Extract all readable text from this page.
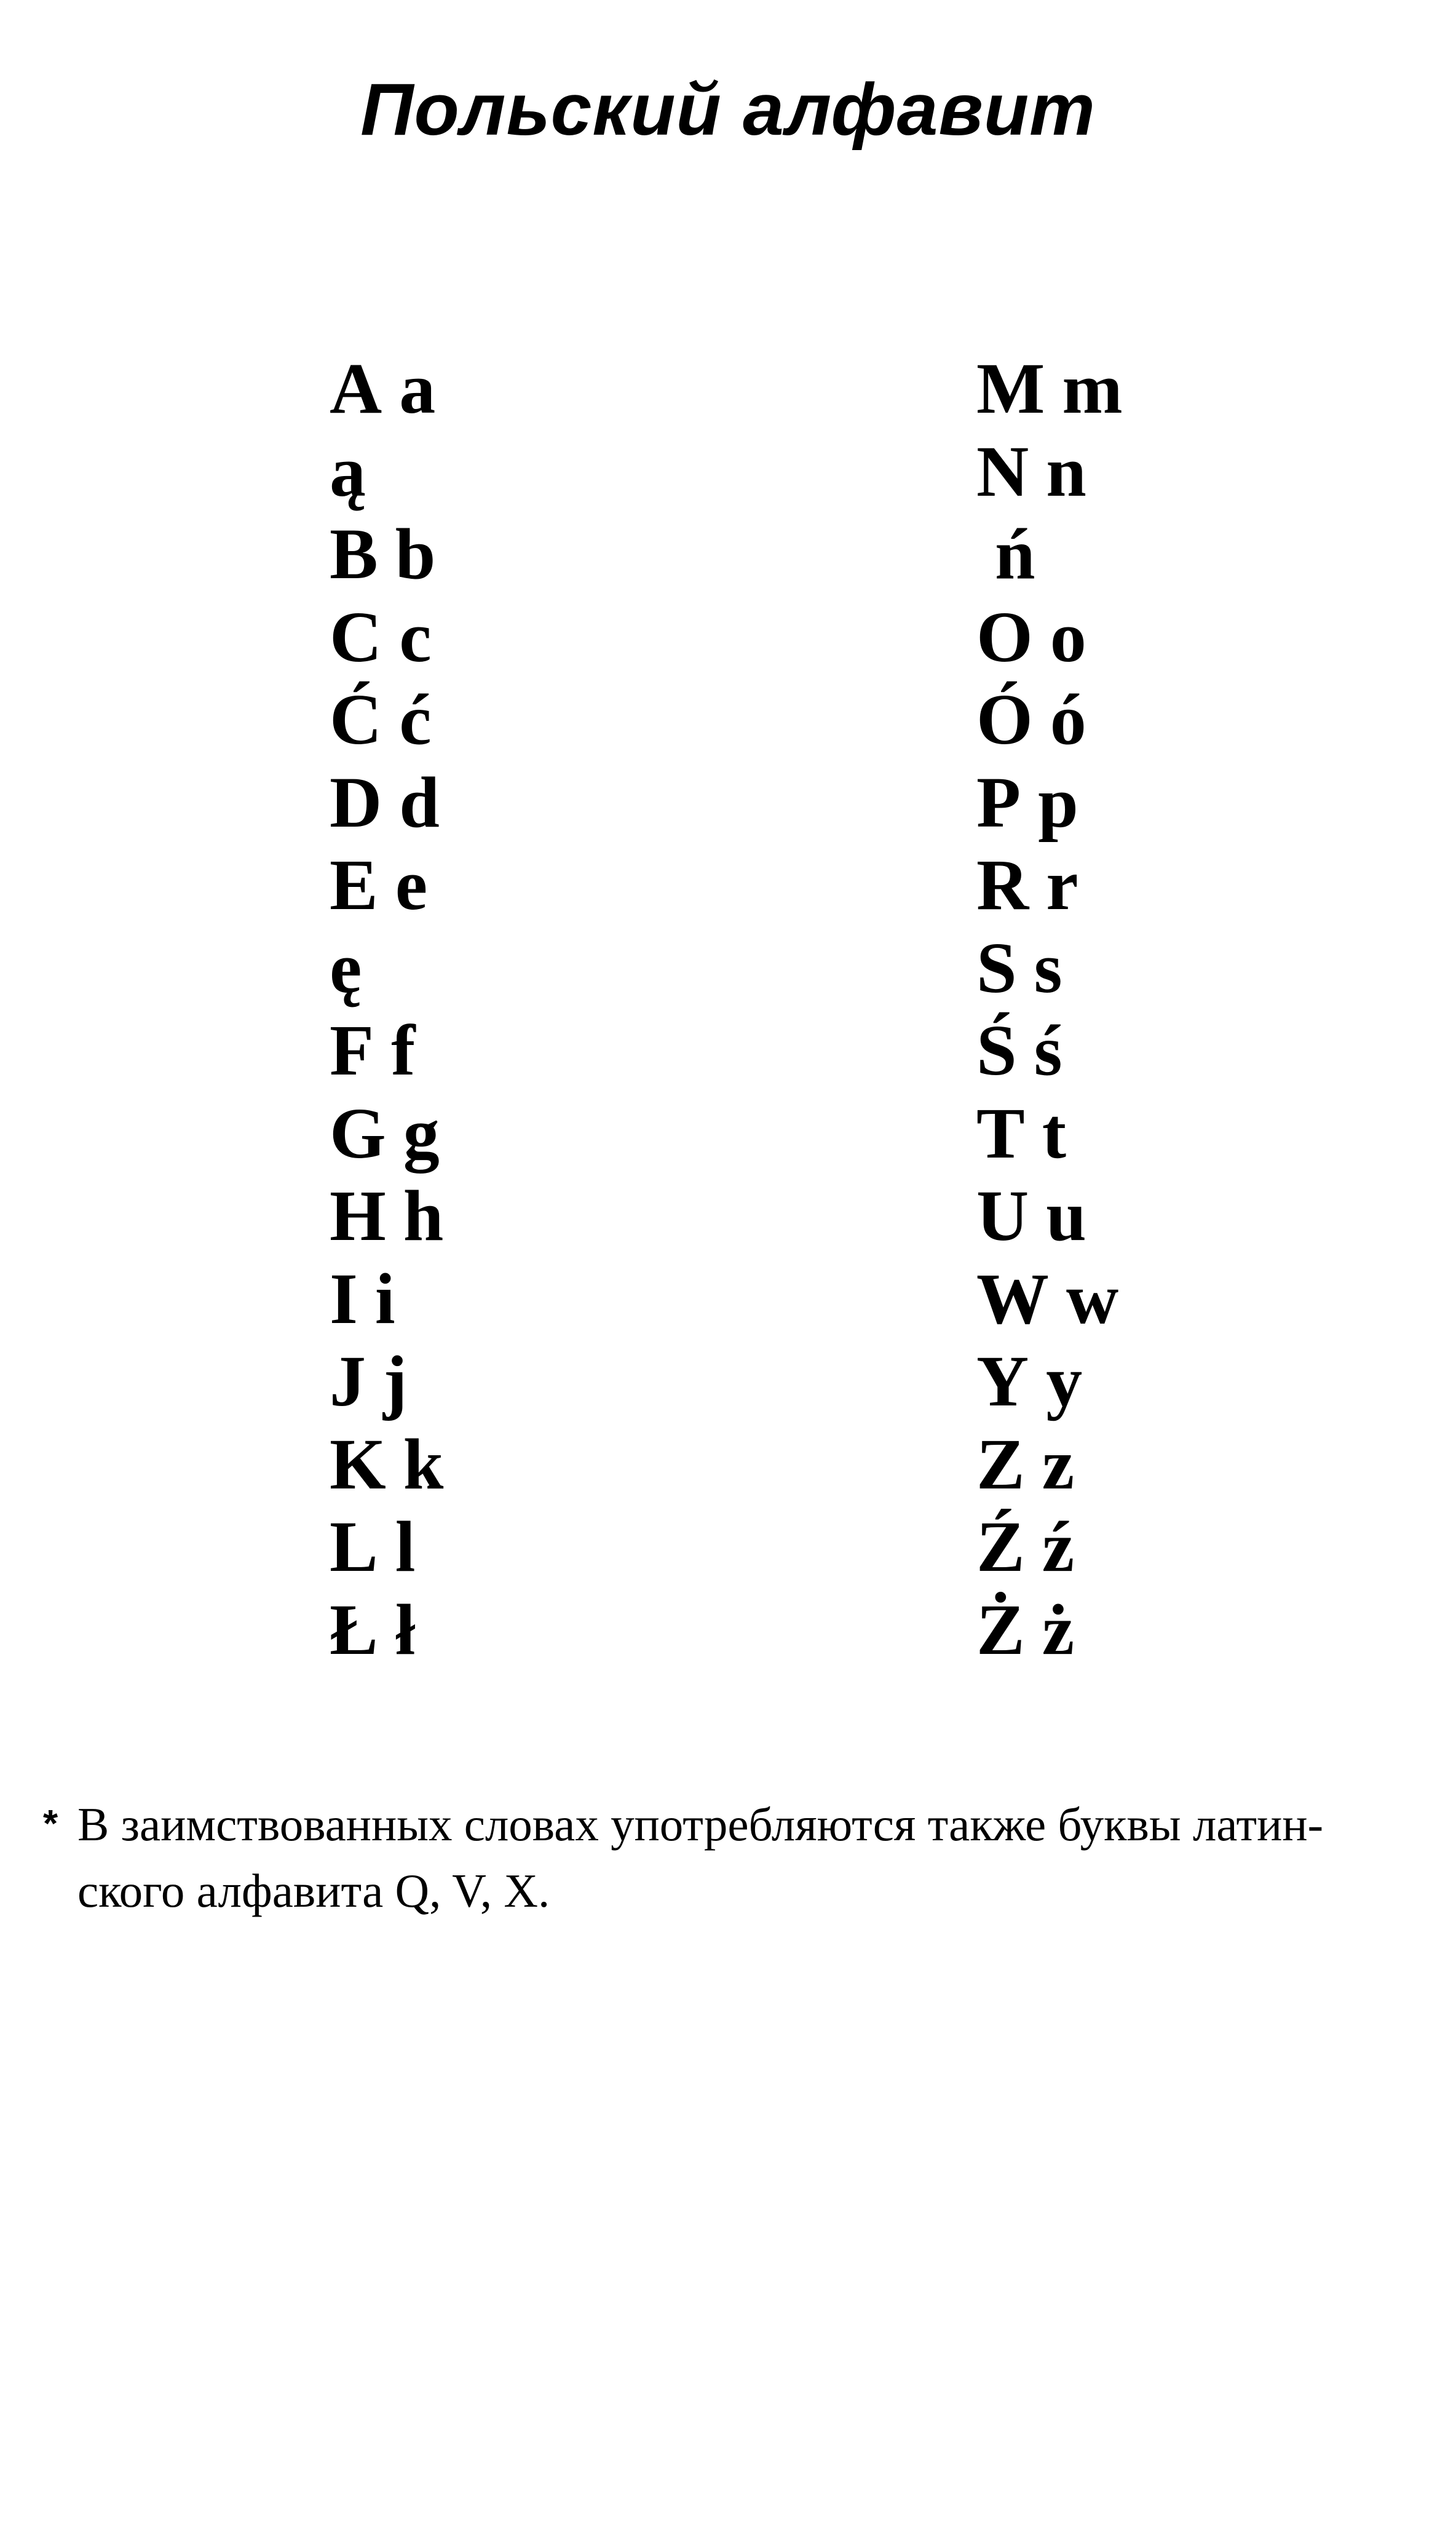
Польский алфавит
A a
ą
B b
C c
Ć ć
D d
E e
ę
F f
G g
H h
I i
J j
K k
L l
Ł ł
M m
N n
ń
O o
Ó ó
P p
R r
S s
Ś ś
T t
U u
W w
Y y
Z z
Ź ź
Ż ż
* В заимствованных словах употребляются также буквы латин-
ского алфавита Q, V, X.
